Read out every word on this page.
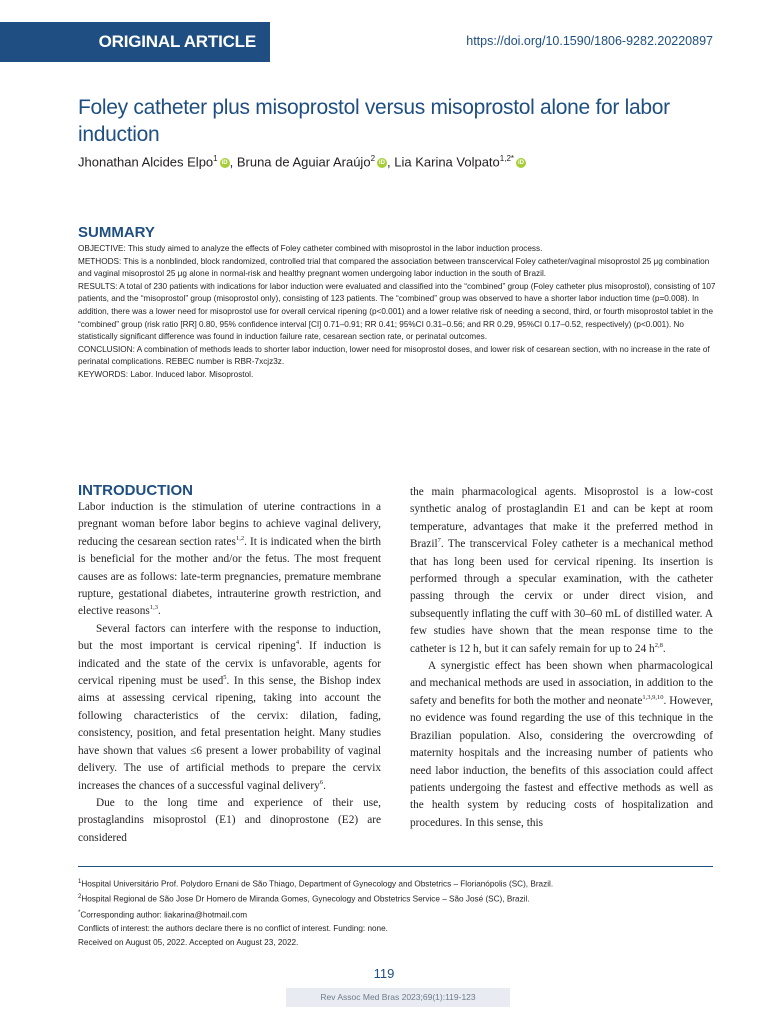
ORIGINAL ARTICLE	https://doi.org/10.1590/1806-9282.20220897
Foley catheter plus misoprostol versus misoprostol alone for labor induction
Jhonathan Alcides Elpo$^1$ iD , Bruna de Aguiar Araújo$^2$ iD , Lia Karina Volpato$^{1,2*}$ iD
SUMMARY

OBJECTIVE: This study aimed to analyze the effects of Foley catheter combined with misoprostol in the labor induction process.

METHODS: This is a nonblinded, block randomized, controlled trial that compared the association between transcervical Foley catheter/vaginal misoprostol 25 μg combination and vaginal misoprostol 25 μg alone in normal-risk and healthy pregnant women undergoing labor induction in the south of Brazil.

RESULTS: A total of 230 patients with indications for labor induction were evaluated and classified into the “combined” group (Foley catheter plus misoprostol), consisting of 107 patients, and the “misoprostol” group (misoprostol only), consisting of 123 patients. The “combined” group was observed to have a shorter labor induction time (p=0.008). In addition, there was a lower need for misoprostol use for overall cervical ripening (p<0.001) and a lower relative risk of needing a second, third, or fourth misoprostol tablet in the “combined” group (risk ratio [RR] 0.80, 95% confidence interval [CI] 0.71–0.91; RR 0.41; 95%CI 0.31–0.56; and RR 0.29, 95%CI 0.17–0.52, respectively) (p<0.001). No statistically significant difference was found in induction failure rate, cesarean section rate, or perinatal outcomes.

CONCLUSION: A combination of methods leads to shorter labor induction, lower need for misoprostol doses, and lower risk of cesarean section, with no increase in the rate of perinatal complications. REBEC number is RBR-7xcjz3z.

KEYWORDS: Labor. Induced labor. Misoprostol.

INTRODUCTION

Labor induction is the stimulation of uterine contractions in a pregnant woman before labor begins to achieve vaginal delivery, reducing the cesarean section rates$^{1,2}$. It is indicated when the birth is beneficial for the mother and/or the fetus. The most frequent causes are as follows: late-term pregnancies, premature membrane rupture, gestational diabetes, intrauterine growth restriction, and elective reasons$^{1,3}$.

Several factors can interfere with the response to induction, but the most important is cervical ripening$^4$. If induction is indicated and the state of the cervix is unfavorable, agents for cervical ripening must be used$^5$. In this sense, the Bishop index aims at assessing cervical ripening, taking into account the following characteristics of the cervix: dilation, fading, consistency, position, and fetal presentation height. Many studies have shown that values ≤6 present a lower probability of vaginal delivery. The use of artificial methods to prepare the cervix increases the chances of a successful vaginal delivery$^6$.

Due to the long time and experience of their use, prostaglandins misoprostol (E1) and dinoprostone (E2) are considered

the main pharmacological agents. Misoprostol is a low-cost synthetic analog of prostaglandin E1 and can be kept at room temperature, advantages that make it the preferred method in Brazil$^7$. The transcervical Foley catheter is a mechanical method that has long been used for cervical ripening. Its insertion is performed through a specular examination, with the catheter passing through the cervix or under direct vision, and subsequently inflating the cuff with 30–60 mL of distilled water. A few studies have shown that the mean response time to the catheter is 12 h, but it can safely remain for up to 24 $h^{2,8}$.

A synergistic effect has been shown when pharmacological and mechanical methods are used in association, in addition to the safety and benefits for both the mother and neonate$^{1,3,9,10}$. However, no evidence was found regarding the use of this technique in the Brazilian population. Also, considering the overcrowding of maternity hospitals and the increasing number of patients who need labor induction, the benefits of this association could affect patients undergoing the fastest and effective methods as well as the health system by reducing costs of hospitalization and procedures. In this sense, this

$^1$Hospital Universitário Prof. Polydoro Ernani de São Thiago, Department of Gynecology and Obstetrics – Florianópolis (SC), Brazil.

$^2$Hospital Regional de São Jose Dr Homero de Miranda Gomes, Gynecology and Obstetrics Service – São José (SC), Brazil.

*Corresponding author: liakarina@hotmail.com

Conflicts of interest: the authors declare there is no conflict of interest. Funding: none.

Received on August 05, 2022. Accepted on August 23, 2022.

119
Rev Assoc Med Bras 2023;69(1):119-123
